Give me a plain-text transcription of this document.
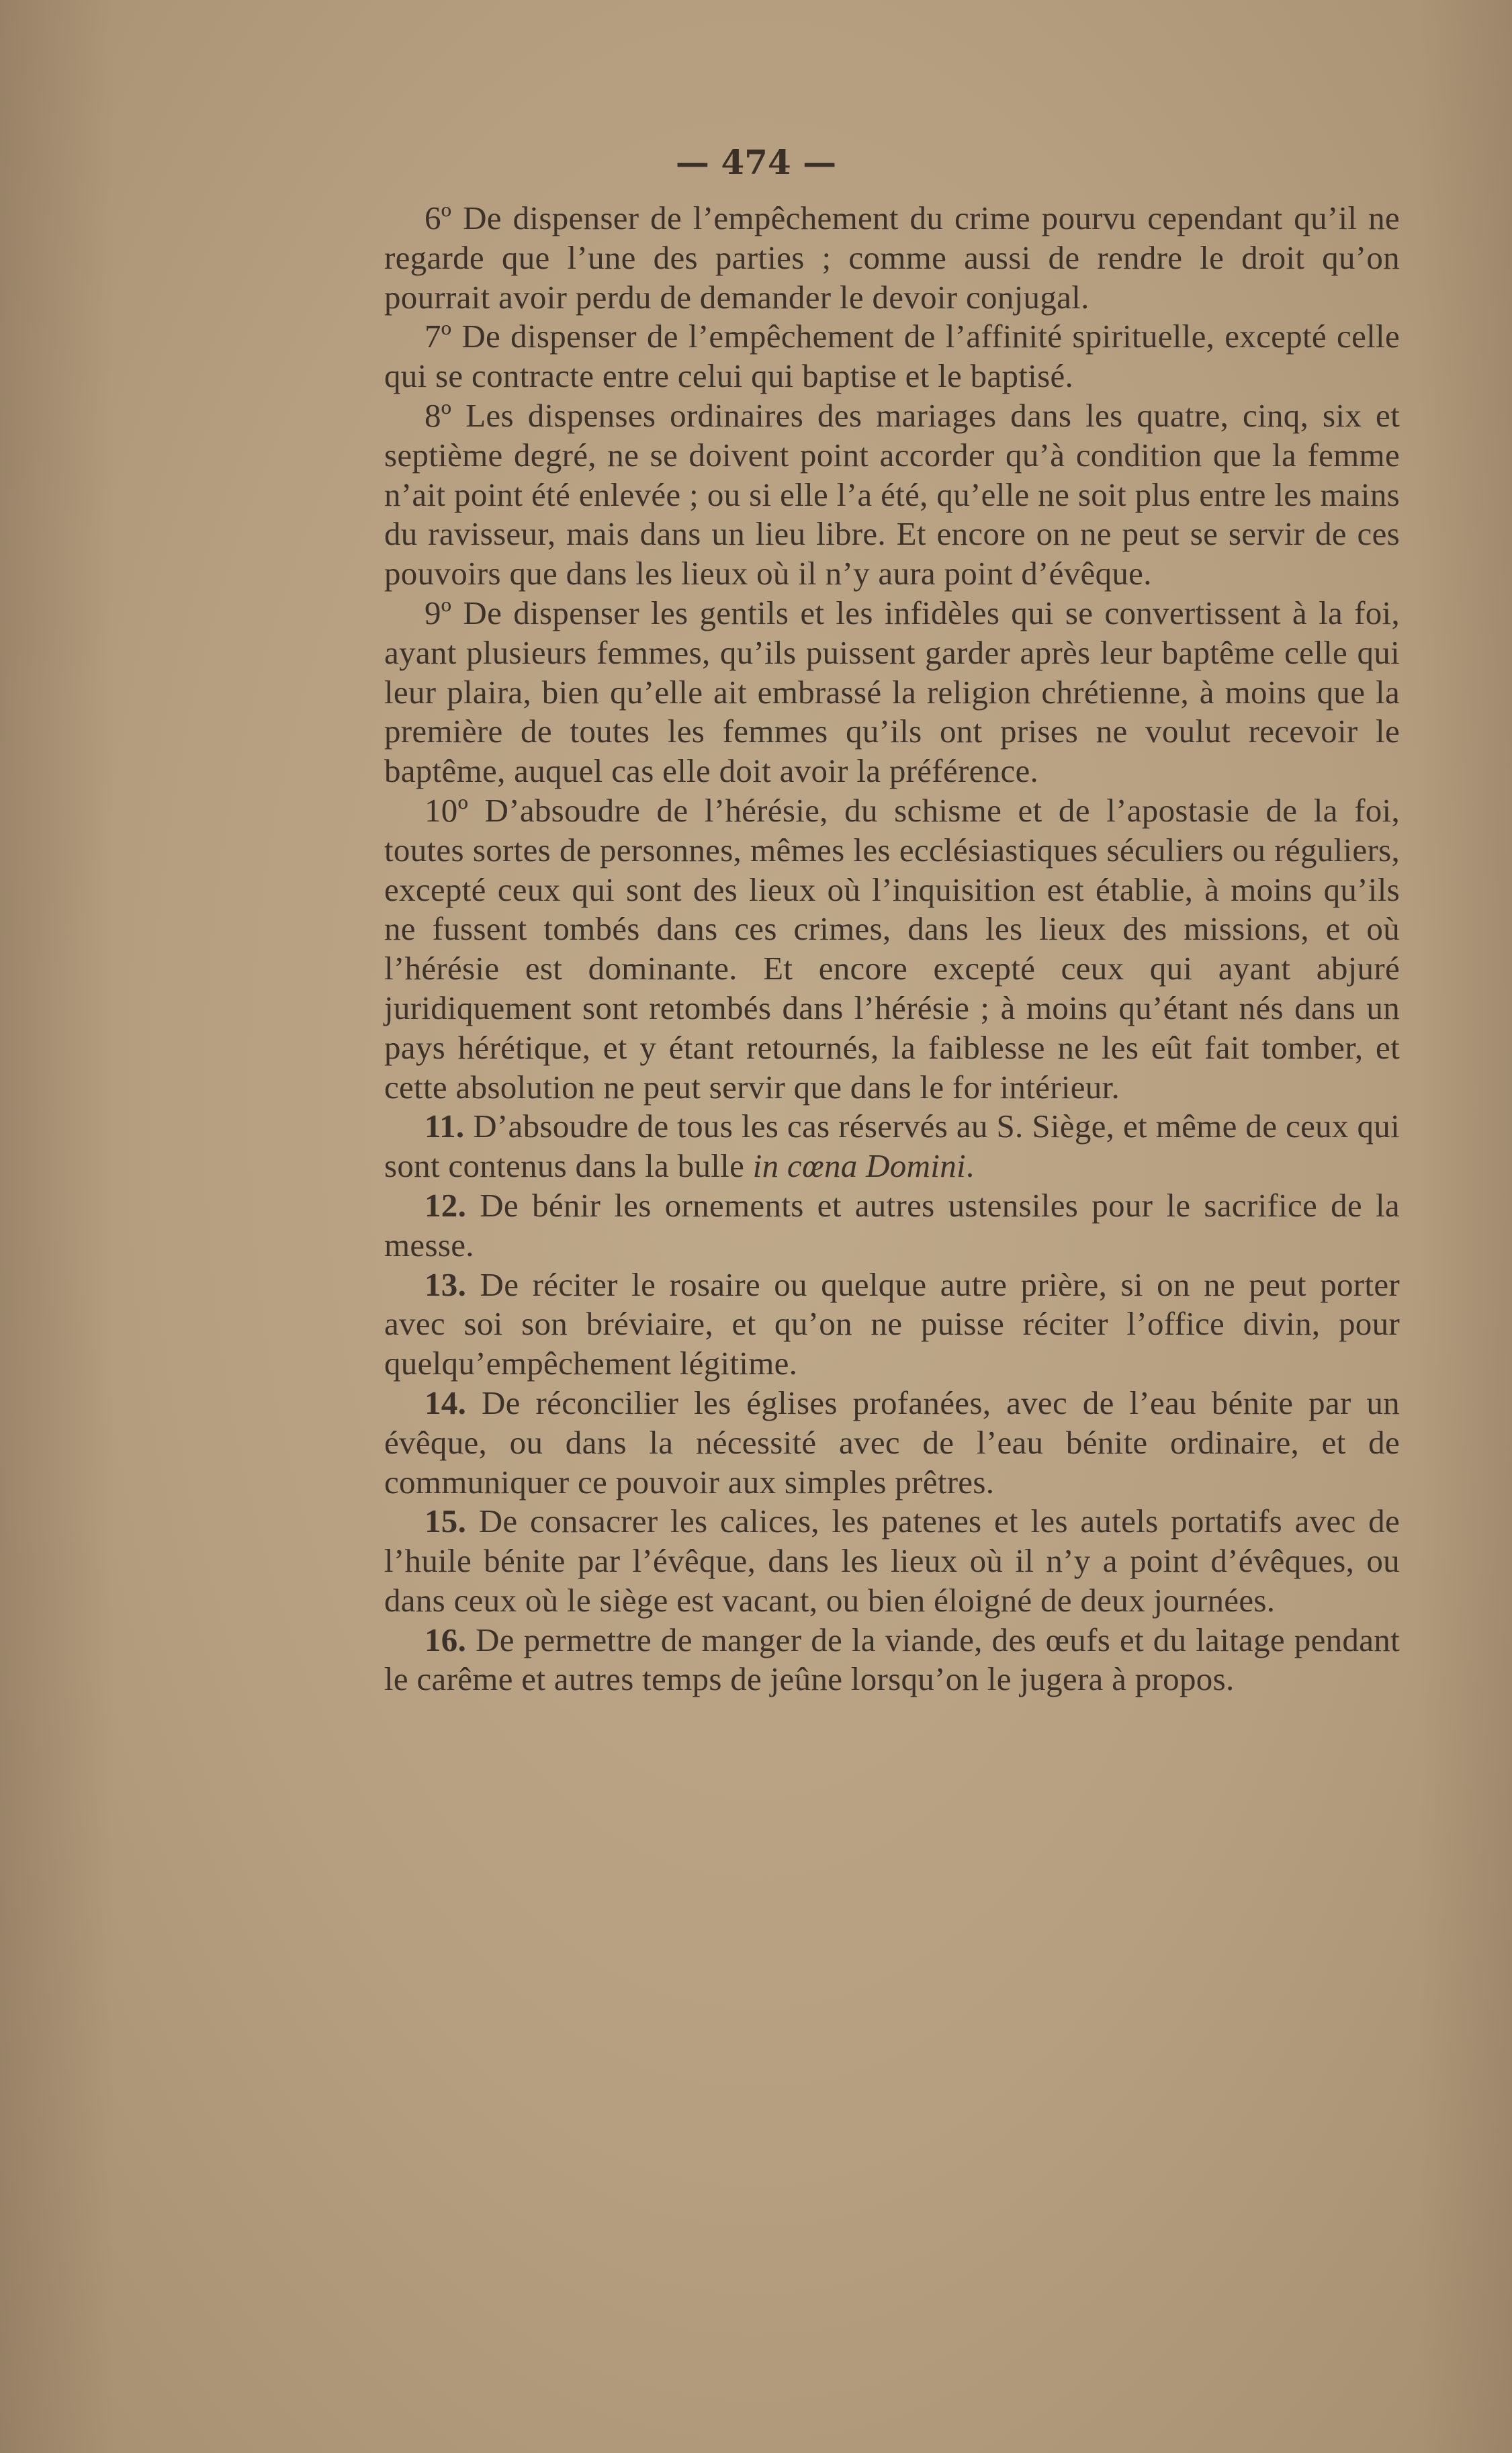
— 474 —

6º De dispenser de l’empêchement du crime pourvu cependant qu’il ne regarde que l’une des parties ; comme aussi de rendre le droit qu’on pourrait avoir perdu de demander le devoir conjugal.

7º De dispenser de l’empêchement de l’affinité spirituelle, excepté celle qui se contracte entre celui qui baptise et le baptisé.

8º Les dispenses ordinaires des mariages dans les quatre, cinq, six et septième degré, ne se doivent point accorder qu’à condition que la femme n’ait point été enlevée ; ou si elle l’a été, qu’elle ne soit plus entre les mains du ravisseur, mais dans un lieu libre. Et encore on ne peut se servir de ces pouvoirs que dans les lieux où il n’y aura point d’évêque.

9º De dispenser les gentils et les infidèles qui se convertissent à la foi, ayant plusieurs femmes, qu’ils puissent garder après leur baptême celle qui leur plaira, bien qu’elle ait embrassé la religion chrétienne, à moins que la première de toutes les femmes qu’ils ont prises ne voulut recevoir le baptême, auquel cas elle doit avoir la préférence.

10º D’absoudre de l’hérésie, du schisme et de l’apostasie de la foi, toutes sortes de personnes, mêmes les ecclésiastiques séculiers ou réguliers, excepté ceux qui sont des lieux où l’inquisition est établie, à moins qu’ils ne fussent tombés dans ces crimes, dans les lieux des missions, et où l’hérésie est dominante. Et encore excepté ceux qui ayant abjuré juridiquement sont retombés dans l’hérésie ; à moins qu’étant nés dans un pays hérétique, et y étant retournés, la faiblesse ne les eût fait tomber, et cette absolution ne peut servir que dans le for intérieur.

11. D’absoudre de tous les cas réservés au S. Siège, et même de ceux qui sont contenus dans la bulle in cœna Domini.

12. De bénir les ornements et autres ustensiles pour le sacrifice de la messe.

13. De réciter le rosaire ou quelque autre prière, si on ne peut porter avec soi son bréviaire, et qu’on ne puisse réciter l’office divin, pour quelqu’empêchement légitime.

14. De réconcilier les églises profanées, avec de l’eau bénite par un évêque, ou dans la nécessité avec de l’eau bénite ordinaire, et de communiquer ce pouvoir aux simples prêtres.

15. De consacrer les calices, les patenes et les autels portatifs avec de l’huile bénite par l’évêque, dans les lieux où il n’y a point d’évêques, ou dans ceux où le siège est vacant, ou bien éloigné de deux journées.

16. De permettre de manger de la viande, des œufs et du laitage pendant le carême et autres temps de jeûne lorsqu’on le jugera à propos.
